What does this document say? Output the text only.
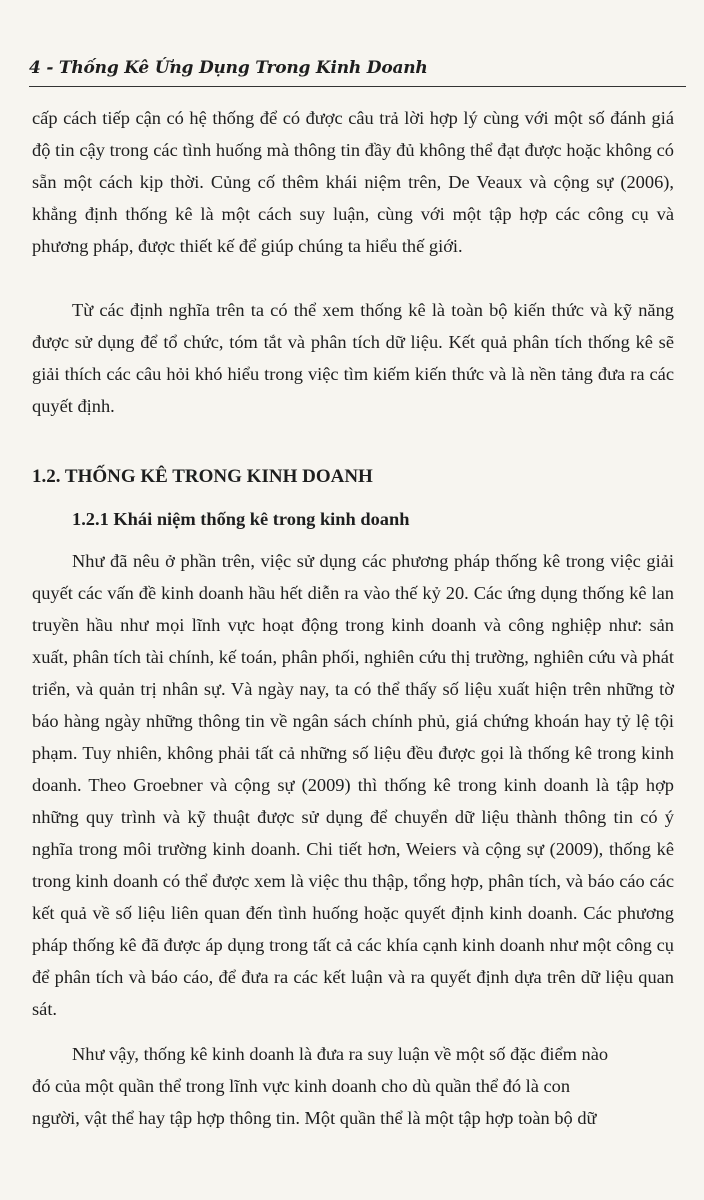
4 - Thống Kê Ứng Dụng Trong Kinh Doanh

cấp cách tiếp cận có hệ thống để có được câu trả lời hợp lý cùng với một số đánh giá độ tin cậy trong các tình huống mà thông tin đầy đủ không thể đạt được hoặc không có sẵn một cách kịp thời. Củng cố thêm khái niệm trên, De Veaux và cộng sự (2006), khẳng định thống kê là một cách suy luận, cùng với một tập hợp các công cụ và phương pháp, được thiết kế để giúp chúng ta hiểu thế giới.

Từ các định nghĩa trên ta có thể xem thống kê là toàn bộ kiến thức và kỹ năng được sử dụng để tổ chức, tóm tắt và phân tích dữ liệu. Kết quả phân tích thống kê sẽ giải thích các câu hỏi khó hiểu trong việc tìm kiếm kiến thức và là nền tảng đưa ra các quyết định.

1.2. THỐNG KÊ TRONG KINH DOANH
1.2.1 Khái niệm thống kê trong kinh doanh

Như đã nêu ở phần trên, việc sử dụng các phương pháp thống kê trong việc giải quyết các vấn đề kinh doanh hầu hết diễn ra vào thế kỷ 20. Các ứng dụng thống kê lan truyền hầu như mọi lĩnh vực hoạt động trong kinh doanh và công nghiệp như: sản xuất, phân tích tài chính, kế toán, phân phối, nghiên cứu thị trường, nghiên cứu và phát triển, và quản trị nhân sự. Và ngày nay, ta có thể thấy số liệu xuất hiện trên những tờ báo hàng ngày những thông tin về ngân sách chính phủ, giá chứng khoán hay tỷ lệ tội phạm. Tuy nhiên, không phải tất cả những số liệu đều được gọi là thống kê trong kinh doanh. Theo Groebner và cộng sự (2009) thì thống kê trong kinh doanh là tập hợp những quy trình và kỹ thuật được sử dụng để chuyển dữ liệu thành thông tin có ý nghĩa trong môi trường kinh doanh. Chi tiết hơn, Weiers và cộng sự (2009), thống kê trong kinh doanh có thể được xem là việc thu thập, tổng hợp, phân tích, và báo cáo các kết quả về số liệu liên quan đến tình huống hoặc quyết định kinh doanh. Các phương pháp thống kê đã được áp dụng trong tất cả các khía cạnh kinh doanh như một công cụ để phân tích và báo cáo, để đưa ra các kết luận và ra quyết định dựa trên dữ liệu quan sát.

Như vậy, thống kê kinh doanh là đưa ra suy luận về một số đặc điểm nào
đó của một quần thể trong lĩnh vực kinh doanh cho dù quần thể đó là con
người, vật thể hay tập hợp thông tin. Một quần thể là một tập hợp toàn bộ dữ
